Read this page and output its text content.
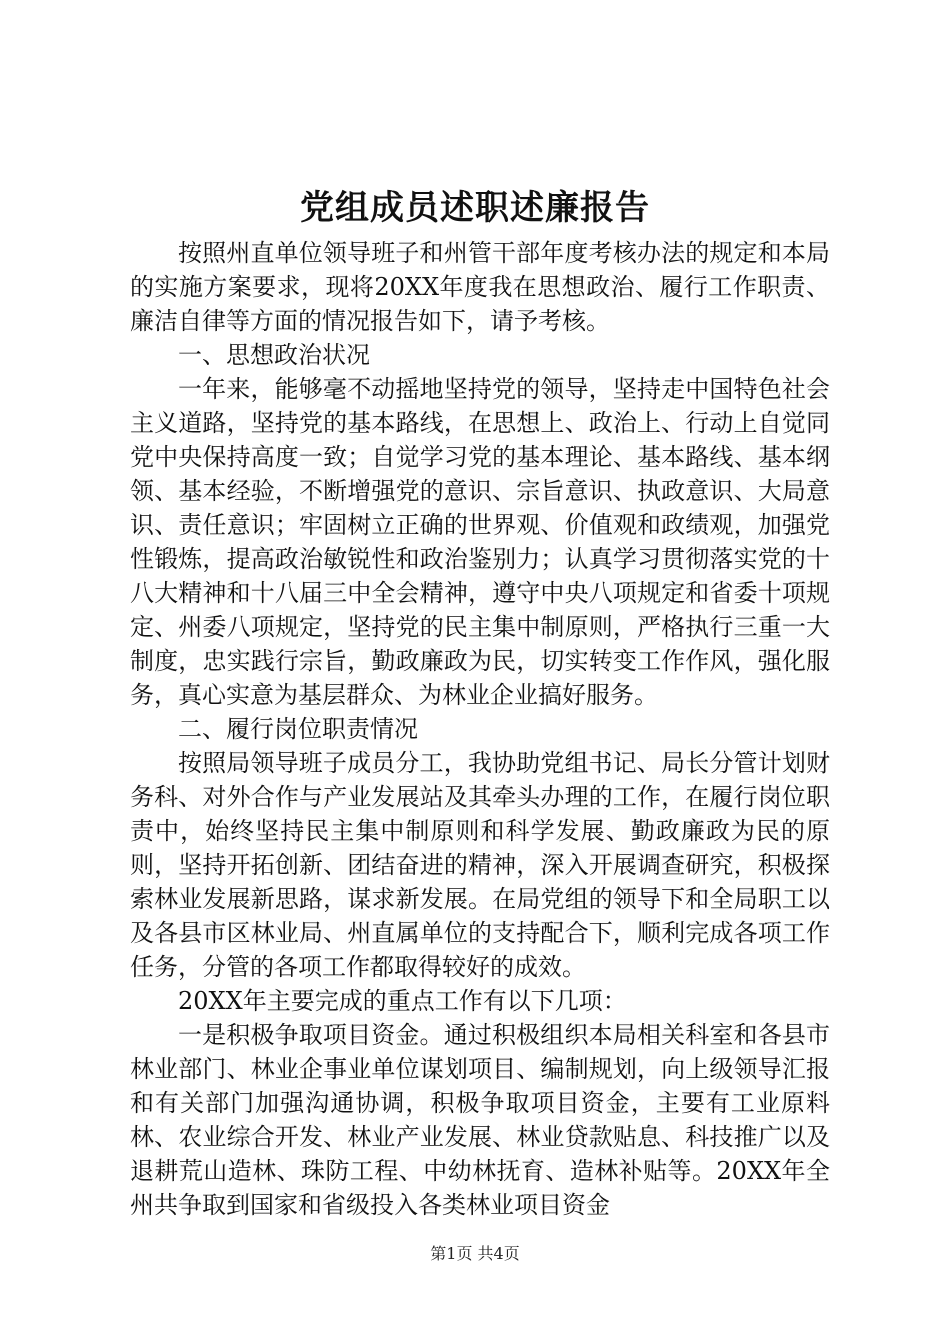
党组成员述职述廉报告

按照州直单位领导班子和州管干部年度考核办法的规定和本局的实施方案要求，现将20XX年度我在思想政治、履行工作职责、廉洁自律等方面的情况报告如下，请予考核。

一、思想政治状况

一年来，能够毫不动摇地坚持党的领导，坚持走中国特色社会主义道路，坚持党的基本路线，在思想上、政治上、行动上自觉同党中央保持高度一致；自觉学习党的基本理论、基本路线、基本纲领、基本经验，不断增强党的意识、宗旨意识、执政意识、大局意识、责任意识；牢固树立正确的世界观、价值观和政绩观，加强党性锻炼，提高政治敏锐性和政治鉴别力；认真学习贯彻落实党的十八大精神和十八届三中全会精神，遵守中央八项规定和省委十项规定、州委八项规定，坚持党的民主集中制原则，严格执行三重一大制度，忠实践行宗旨，勤政廉政为民，切实转变工作作风，强化服务，真心实意为基层群众、为林业企业搞好服务。

二、履行岗位职责情况

按照局领导班子成员分工，我协助党组书记、局长分管计划财务科、对外合作与产业发展站及其牵头办理的工作，在履行岗位职责中，始终坚持民主集中制原则和科学发展、勤政廉政为民的原则，坚持开拓创新、团结奋进的精神，深入开展调查研究，积极探索林业发展新思路，谋求新发展。在局党组的领导下和全局职工以及各县市区林业局、州直属单位的支持配合下，顺利完成各项工作任务，分管的各项工作都取得较好的成效。

20XX年主要完成的重点工作有以下几项：

一是积极争取项目资金。通过积极组织本局相关科室和各县市林业部门、林业企事业单位谋划项目、编制规划，向上级领导汇报和有关部门加强沟通协调，积极争取项目资金，主要有工业原料林、农业综合开发、林业产业发展、林业贷款贴息、科技推广以及退耕荒山造林、珠防工程、中幼林抚育、造林补贴等。20XX年全州共争取到国家和省级投入各类林业项目资金

第1页 共4页
